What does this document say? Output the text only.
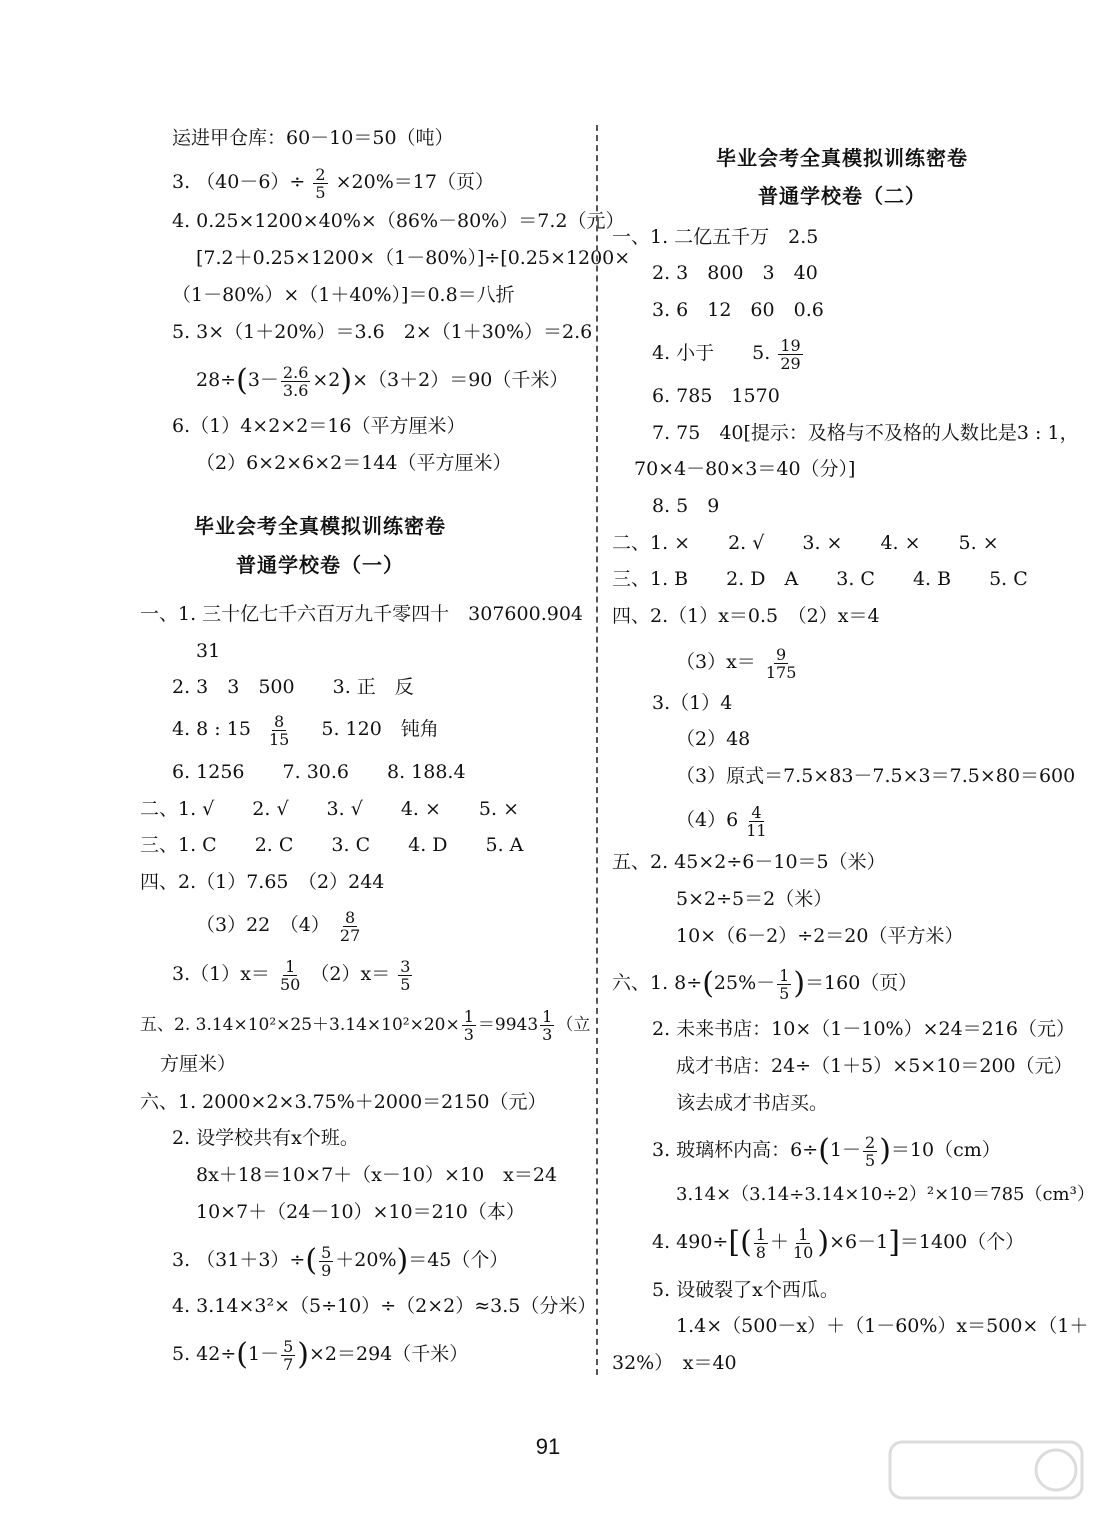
运进甲仓库：60－10＝50（吨）
3. $(40-6)\div \frac{2}{5} \times 20\%=17$（页）
4. 0.25×1200×40%×（86%－80%）＝7.2（元）
[7.2＋0.25×1200×（1－80%）]÷[0.25×1200×
（1－80%）×（1＋40%）]＝0.8＝八折
5. 3×（1＋20%）＝3.6　2×（1＋30%）＝2.6
$28\div(3- \frac{2.6}{3.6} \times 2)\times(3+2)=90$（千米）
6.（1）4×2×2＝16（平方厘米）
（2）6×2×6×2＝144（平方厘米）
毕业会考全真模拟训练密卷
普通学校卷（一）
一、1. 三十亿七千六百万九千零四十　307600.904
31
2. 3　3　500　　3. 正　反
4. 8 : $15 \frac{8}{15} 5$. 120　钝角
6. 1256　　7. 30.6　　8. 188.4
二、1. √　　2. √　　3. √　　4. ×　　5. ×
三、1. C　　2. C　　3. C　　4. D　　5. A
四、2.（1）7.65　（2）244
（3）22　$(4) \frac{8}{27}$
$3.(1)x= \frac{1}{50} (2)x= \frac{3}{5}$
五、2. $3.14\times 10^2\times 25+3.14\times 10^2\times 20\times \frac{1}{3} =9943 \frac{1}{3}$ （立
方厘米）
六、1. 2000×2×3.75%＋2000＝2150（元）
2. 设学校共有x个班。
8x＋18＝10×7＋（x－10）×10　x＝24
10×7＋（24－10）×10＝210（本）
3. $(31+3)\div( \frac{5}{9} +20\%)=45$（个）
4. 3.14×3²×（5÷10）÷（2×2）≈3.5（分米）
5. $42\div(1- \frac{5}{7} )\times 2=294$（千米）
毕业会考全真模拟训练密卷
普通学校卷（二）
一、1. 二亿五千万　2.5
2. 3　800　3　40
3. 6　12　60　0.6
4. 小于　　5. $\frac{19}{29}$
6. 785　1570
7. 75　40[提示：及格与不及格的人数比是3 : 1，
70×4－80×3＝40（分）]
8. 5　9
二、1. ×　　2. √　　3. ×　　4. ×　　5. ×
三、1. B　　2. D　A　　3. C　　4. B　　5. C
四、2.（1）x＝0.5　（2）x＝4
$(3)x= \frac{9}{175}$
3.（1）4
（2）48
（3）原式＝7.5×83－7.5×3＝7.5×80＝600
$(4)6 \frac{4}{11}$
五、2. 45×2÷6－10＝5（米）
5×2÷5＝2（米）
10×（6－2）÷2＝20（平方米）
六、1. $8\div(25\%- \frac{1}{5} )=160$（页）
2. 未来书店：10×（1－10%）×24＝216（元）
成才书店：24÷（1＋5）×5×10＝200（元）
该去成才书店买。
3. 玻璃杯内高：$6\div(1- \frac{2}{5} )=10(cm)$
3.14×（3.14÷3.14×10÷2）²×10＝785（cm³）
4. $490\div[( \frac{1}{8} + \frac{1}{10} )\times 6-1]=1400$（个）
5. 设破裂了x个西瓜。
1.4×（500－x）＋（1－60%）x＝500×（1＋
32%）　x＝40
91
